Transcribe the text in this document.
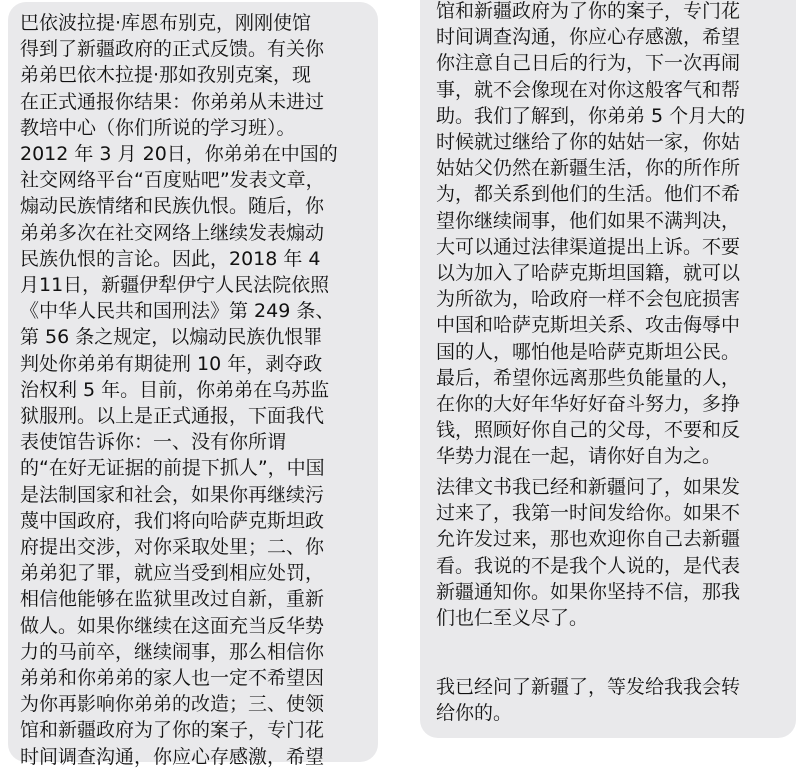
巴依波拉提·库恩布别克，刚刚使馆

得到了新疆政府的正式反馈。有关你

弟弟巴依木拉提·那如孜别克案，现

在正式通报你结果：你弟弟从未进过

教培中心（你们所说的学习班）。

2012 年 3 月 20日，你弟弟在中国的

社交网络平台“百度贴吧”发表文章，

煽动民族情绪和民族仇恨。随后，你

弟弟多次在社交网络上继续发表煽动

民族仇恨的言论。因此，2018 年 4

月11日，新疆伊犁伊宁人民法院依照

《中华人民共和国刑法》第 249 条、

第 56 条之规定，以煽动民族仇恨罪

判处你弟弟有期徒刑 10 年，剥夺政

治权利 5 年。目前，你弟弟在乌苏监

狱服刑。以上是正式通报，下面我代

表使馆告诉你：一、没有你所谓

的“在好无证据的前提下抓人”，中国

是法制国家和社会，如果你再继续污

蔑中国政府，我们将向哈萨克斯坦政

府提出交涉，对你采取处里；二、你

弟弟犯了罪，就应当受到相应处罚，

相信他能够在监狱里改过自新，重新

做人。如果你继续在这面充当反华势

力的马前卒，继续闹事，那么相信你

弟弟和你弟弟的家人也一定不希望因

为你再影响你弟弟的改造；三、使领

馆和新疆政府为了你的案子，专门花

时间调查沟通，你应心存感激，希望

馆和新疆政府为了你的案子，专门花

时间调查沟通，你应心存感激，希望

你注意自己日后的行为，下一次再闹

事，就不会像现在对你这般客气和帮

助。我们了解到，你弟弟 5 个月大的

时候就过继给了你的姑姑一家，你姑

姑姑父仍然在新疆生活，你的所作所

为，都关系到他们的生活。他们不希

望你继续闹事，他们如果不满判决，

大可以通过法律渠道提出上诉。不要

以为加入了哈萨克斯坦国籍，就可以

为所欲为，哈政府一样不会包庇损害

中国和哈萨克斯坦关系、攻击侮辱中

国的人，哪怕他是哈萨克斯坦公民。

最后，希望你远离那些负能量的人，

在你的大好年华好好奋斗努力，多挣

钱，照顾好你自己的父母，不要和反

华势力混在一起，请你好自为之。

法律文书我已经和新疆问了，如果发

过来了，我第一时间发给你。如果不

允许发过来，那也欢迎你自己去新疆

看。我说的不是我个人说的，是代表

新疆通知你。如果你坚持不信，那我

们也仁至义尽了。

我已经问了新疆了，等发给我我会转

给你的。
